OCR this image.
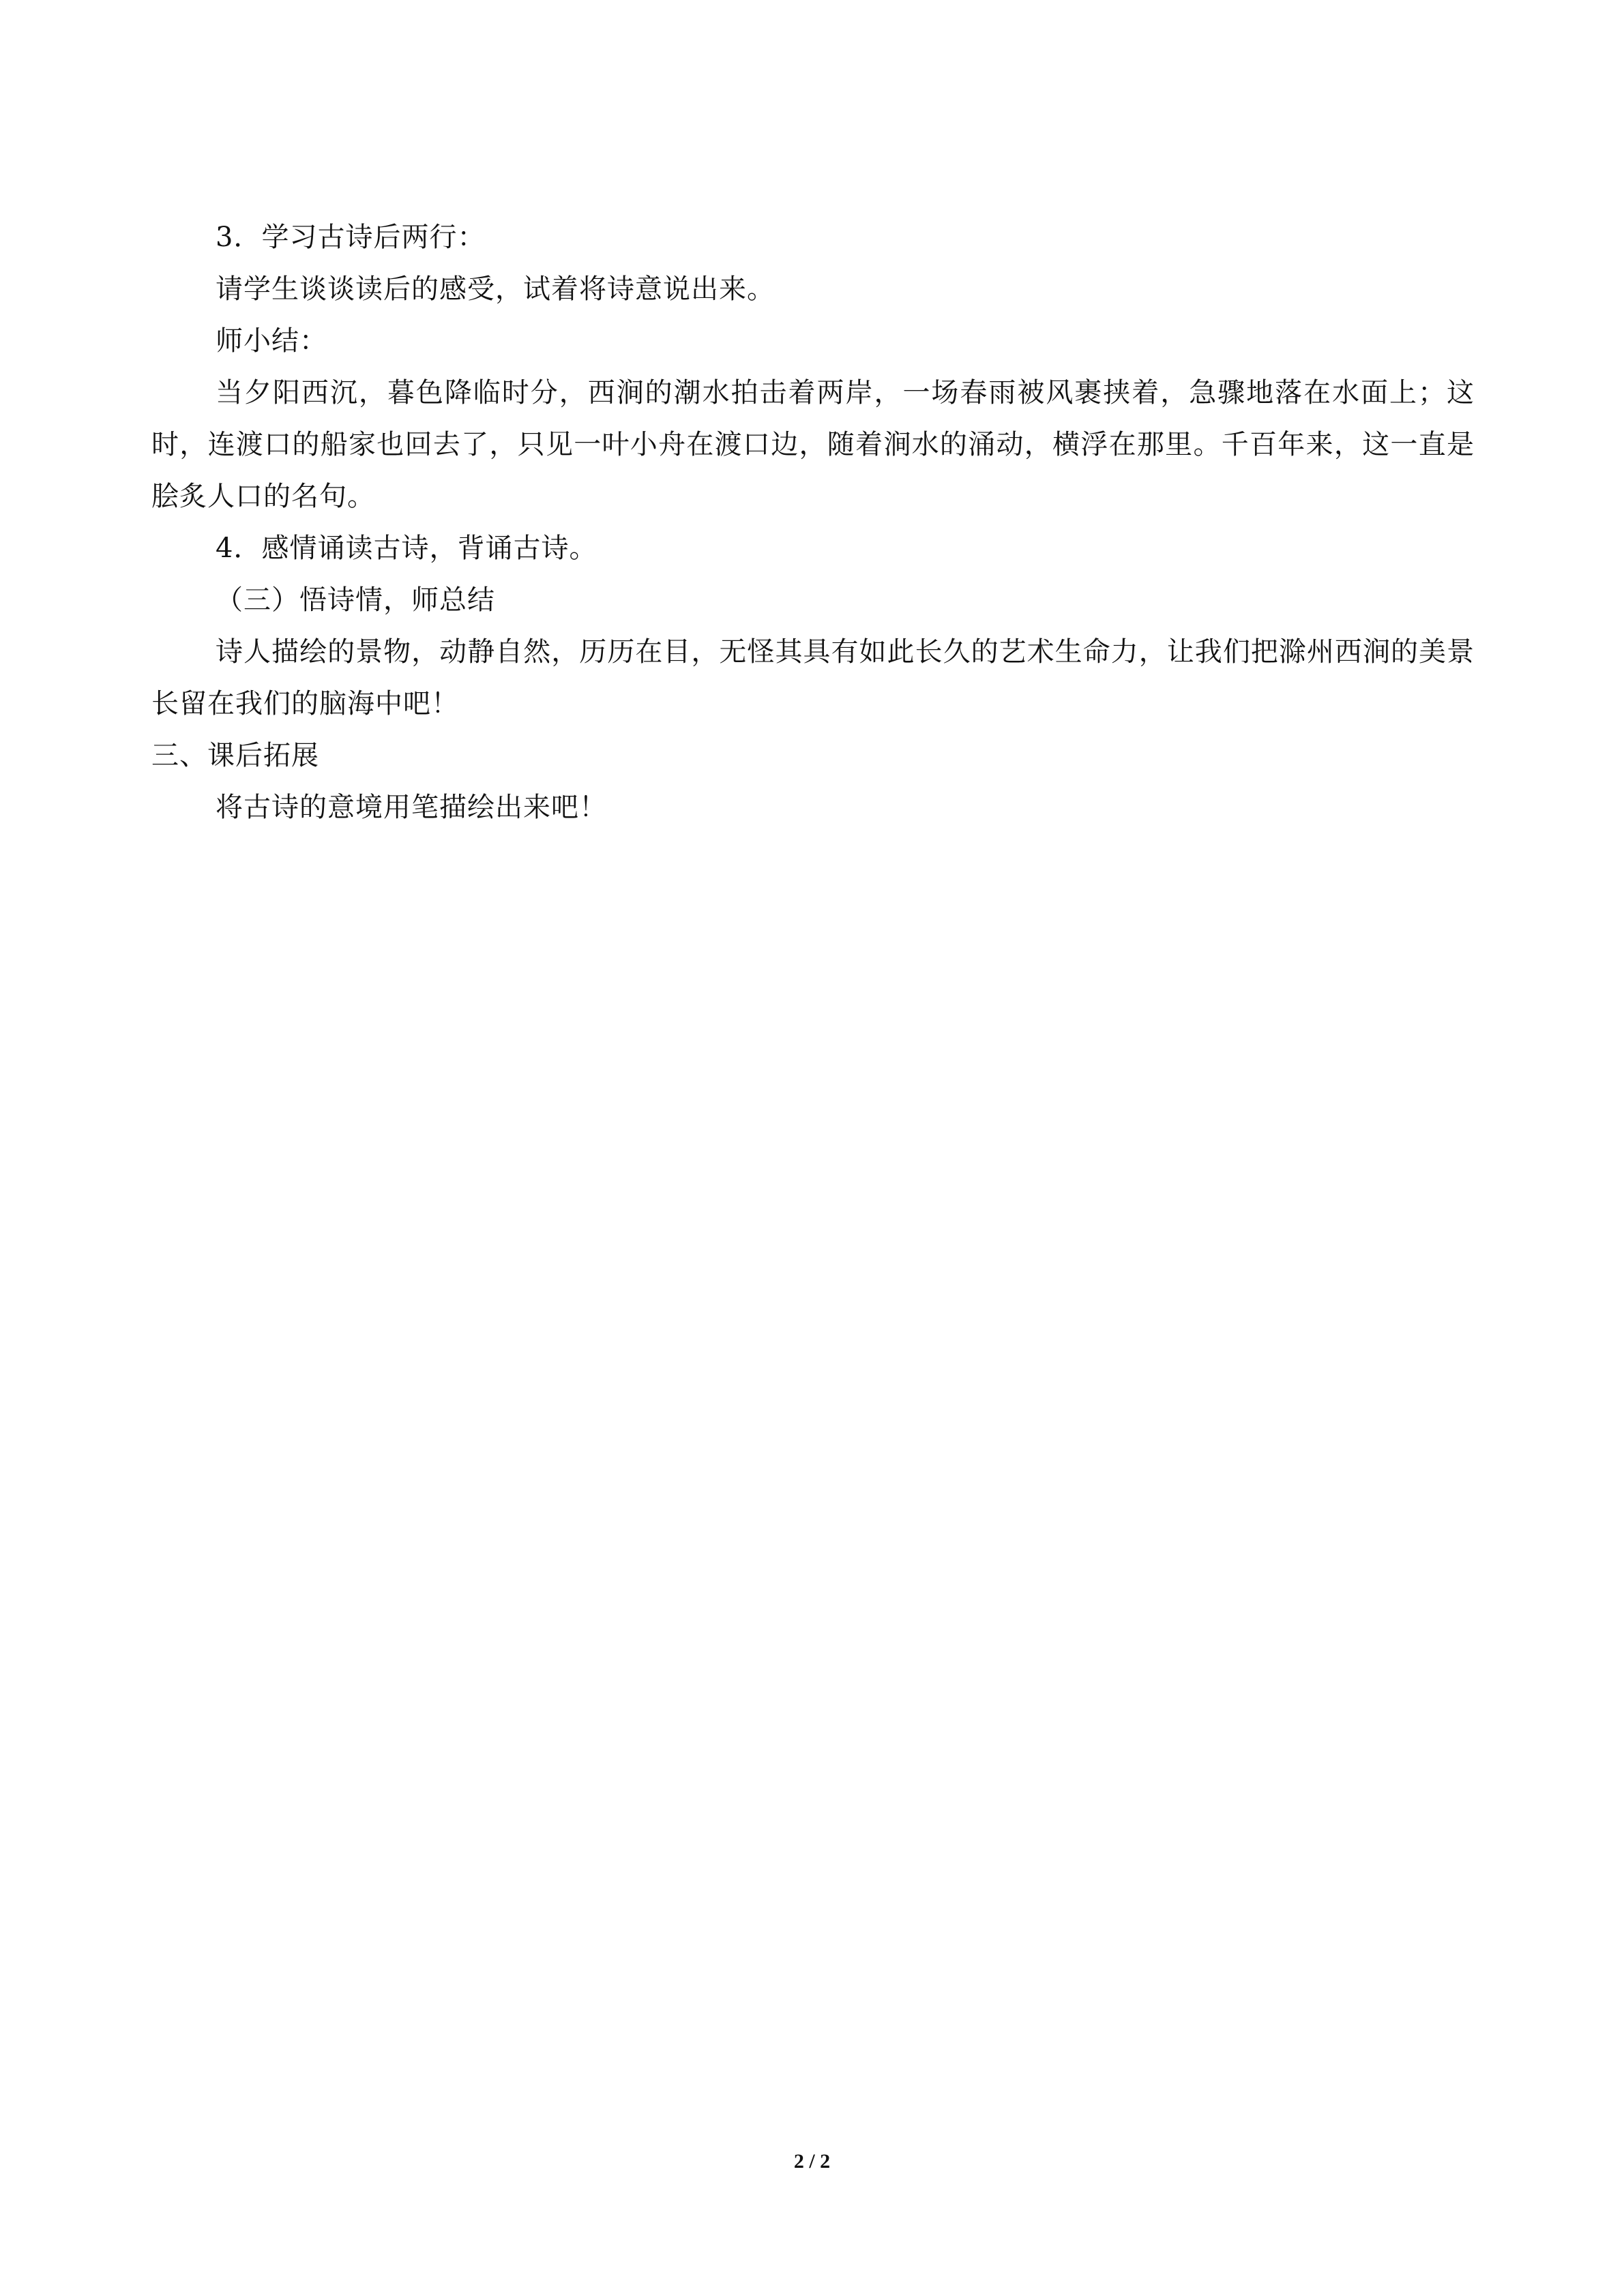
3．学习古诗后两行：

请学生谈谈读后的感受，试着将诗意说出来。

师小结：

当夕阳西沉，暮色降临时分，西涧的潮水拍击着两岸，一场春雨被风裹挟着，急骤地落在水面上；这时，连渡口的船家也回去了，只见一叶小舟在渡口边，随着涧水的涌动，横浮在那里。千百年来，这一直是脍炙人口的名句。

4．感情诵读古诗，背诵古诗。

（三）悟诗情，师总结

诗人描绘的景物，动静自然，历历在目，无怪其具有如此长久的艺术生命力，让我们把滁州西涧的美景长留在我们的脑海中吧！

三、课后拓展

将古诗的意境用笔描绘出来吧！

2 / 2
